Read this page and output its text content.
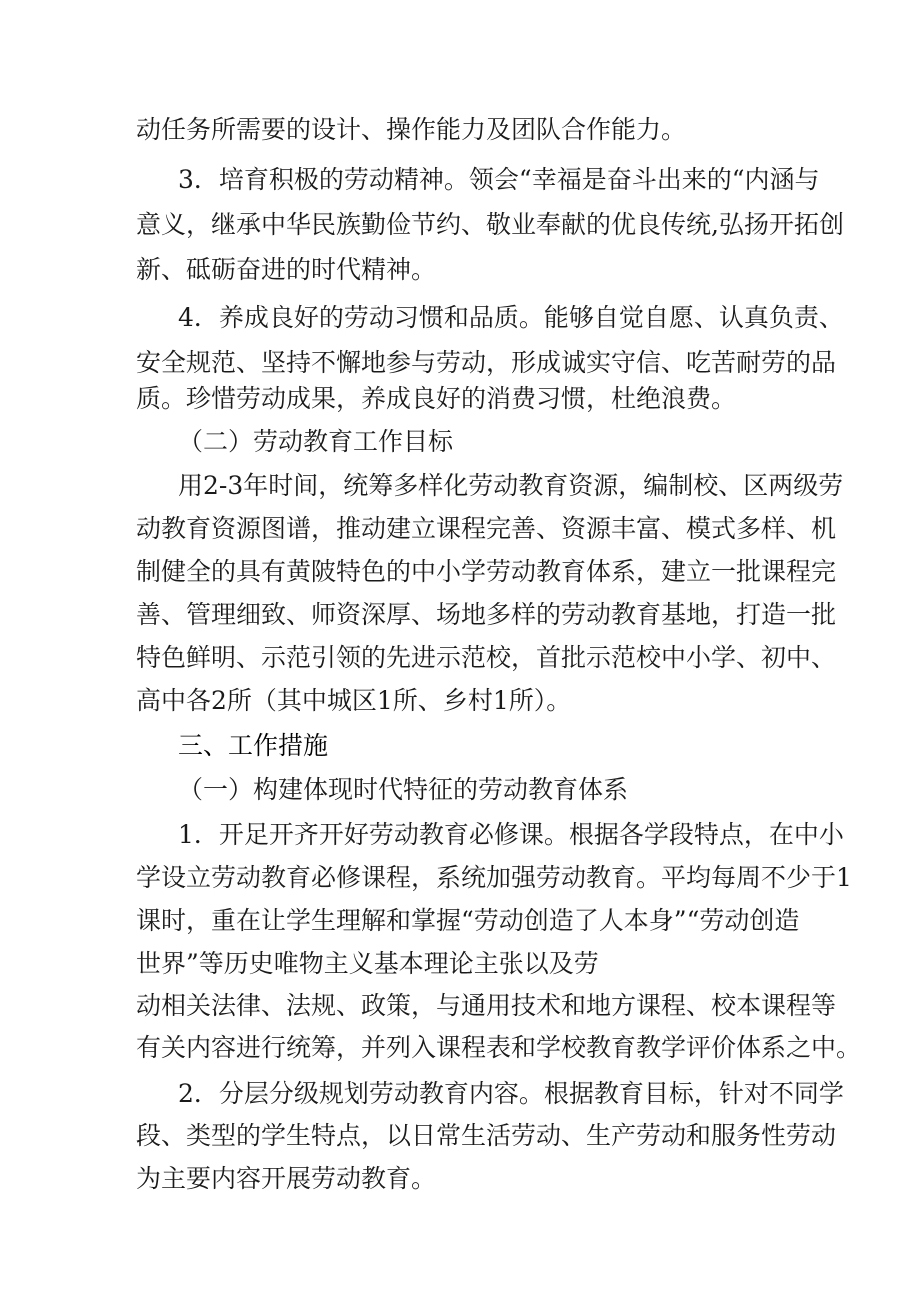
动任务所需要的设计、操作能力及团队合作能力。
3．培育积极的劳动精神。领会“幸福是奋斗出来的“内涵与
意义，继承中华民族勤俭节约、敬业奉献的优良传统,弘扬开拓创
新、砥砺奋进的时代精神。
4．养成良好的劳动习惯和品质。能够自觉自愿、认真负责、
安全规范、坚持不懈地参与劳动，形成诚实守信、吃苦耐劳的品
质。珍惜劳动成果，养成良好的消费习惯，杜绝浪费。
（二）劳动教育工作目标
用2-3年时间，统筹多样化劳动教育资源，编制校、区两级劳
动教育资源图谱，推动建立课程完善、资源丰富、模式多样、机
制健全的具有黄陂特色的中小学劳动教育体系，建立一批课程完
善、管理细致、师资深厚、场地多样的劳动教育基地，打造一批
特色鲜明、示范引领的先进示范校，首批示范校中小学、初中、
高中各2所（其中城区1所、乡村1所）。
三、工作措施
（一）构建体现时代特征的劳动教育体系
1．开足开齐开好劳动教育必修课。根据各学段特点，在中小
学设立劳动教育必修课程，系统加强劳动教育。平均每周不少于1
课时，重在让学生理解和掌握“劳动创造了人本身”“劳动创造
世界”等历史唯物主义基本理论主张以及劳
动相关法律、法规、政策，与通用技术和地方课程、校本课程等
有关内容进行统筹，并列入课程表和学校教育教学评价体系之中。
2．分层分级规划劳动教育内容。根据教育目标，针对不同学
段、类型的学生特点，以日常生活劳动、生产劳动和服务性劳动
为主要内容开展劳动教育。
